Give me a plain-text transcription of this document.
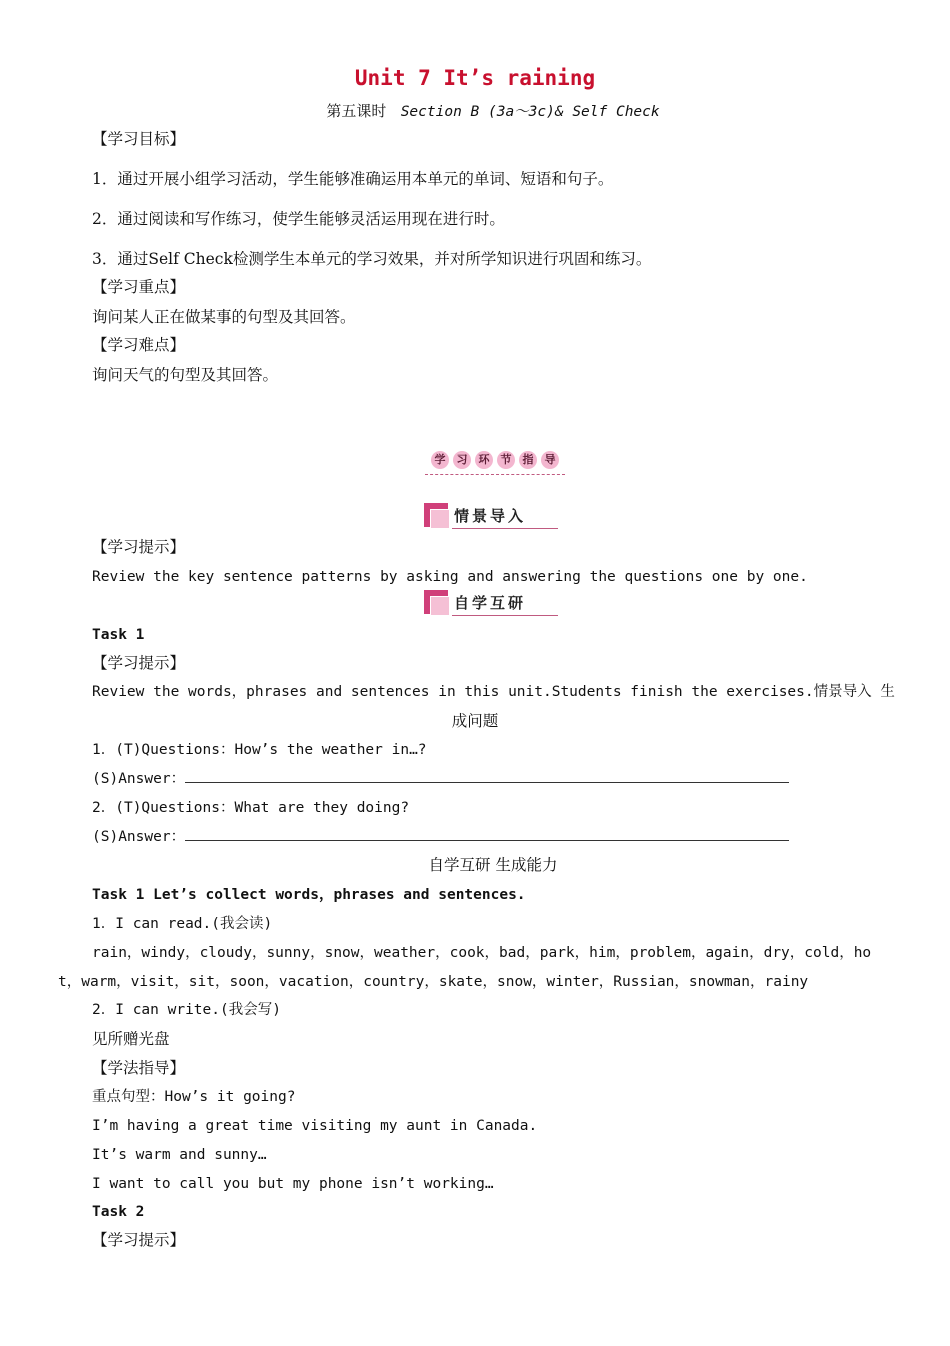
Unit 7 It’s raining
第五课时 Section B (3a～3c)& Self Check
【学习目标】
1．通过开展小组学习活动，学生能够准确运用本单元的单词、短语和句子。
2．通过阅读和写作练习，使学生能够灵活运用现在进行时。
3．通过Self Check检测学生本单元的学习效果，并对所学知识进行巩固和练习。
【学习重点】
询问某人正在做某事的句型及其回答。
【学习难点】
询问天气的句型及其回答。
学 习 环 节 指 导
情景导入
【学习提示】
Review the key sentence patterns by asking and answering the questions one by one.
自学互研
Task 1
【学习提示】
Review the words，phrases and sentences in this unit.Students finish the exercises.情景导入 生
成问题
1．(T)Questions：How’s the weather in…?
(S)Answer：
2．(T)Questions：What are they doing?
(S)Answer：
自学互研 生成能力
Task 1 Let’s collect words，phrases and sentences.
1．I can read.(我会读)
rain，windy，cloudy，sunny，snow，weather，cook，bad，park，him，problem，again，dry，cold，ho
t，warm，visit，sit，soon，vacation，country，skate，snow，winter，Russian，snowman，rainy
2．I can write.(我会写)
见所赠光盘
【学法指导】
重点句型：How’s it going?
I’m having a great time visiting my aunt in Canada.
It’s warm and sunny…
I want to call you but my phone isn’t working…
Task 2
【学习提示】
